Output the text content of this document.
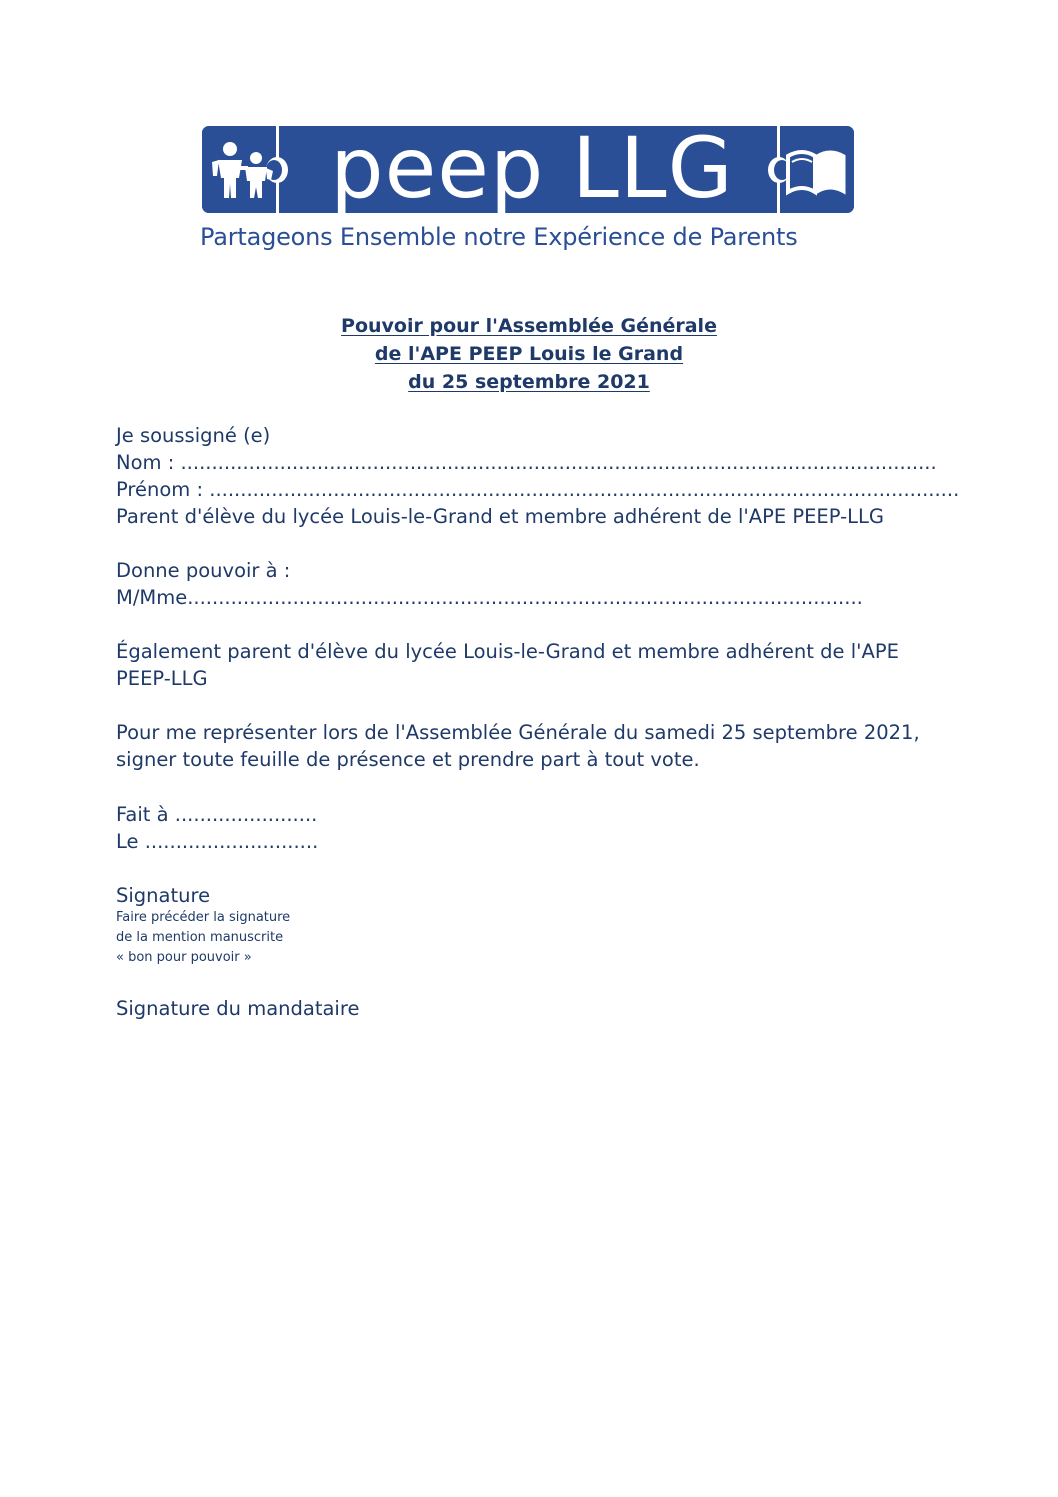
peep LLG
Partageons Ensemble notre Expérience de Parents
Pouvoir pour l'Assemblée Générale
de l'APE PEEP Louis le Grand
du 25 septembre 2021
Je soussigné (e)
Nom : ..........................................................................................................................
Prénom : .........................................................................................................................
Parent d'élève du lycée Louis-le-Grand et membre adhérent de l'APE PEEP-LLG
Donne pouvoir à :
M/Mme.............................................................................................................
Également parent d'élève du lycée Louis-le-Grand et membre adhérent de l'APE
PEEP-LLG
Pour me représenter lors de l'Assemblée Générale du samedi 25 septembre 2021,
signer toute feuille de présence et prendre part à tout vote.
Fait à .......................
Le ............................
Signature
Faire précéder la signature
de la mention manuscrite
« bon pour pouvoir »
Signature du mandataire
